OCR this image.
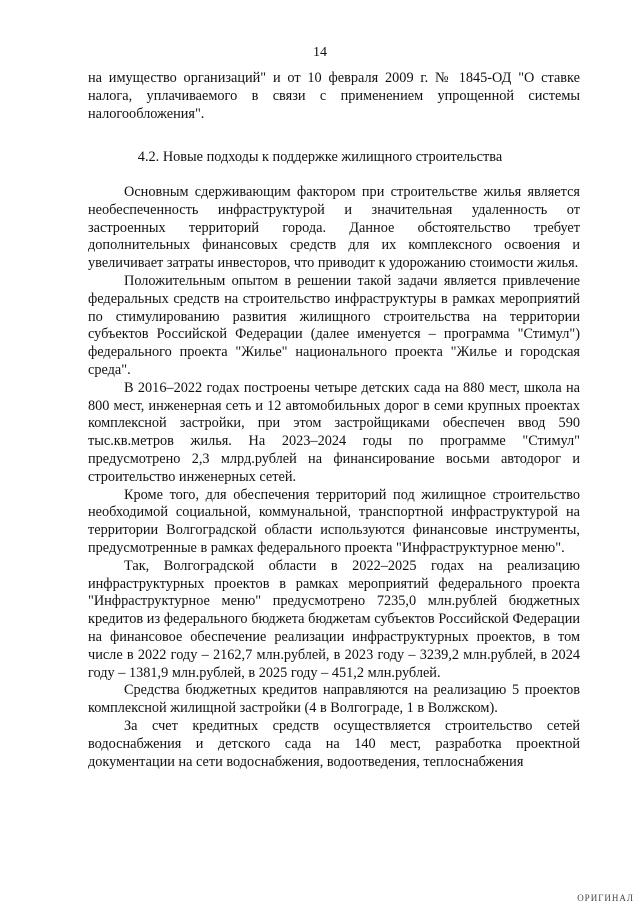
14

на имущество организаций" и от 10 февраля 2009 г. № 1845-ОД "О ставке налога, уплачиваемого в связи с применением упрощенной системы налогообложения".

4.2. Новые подходы к поддержке жилищного строительства

Основным сдерживающим фактором при строительстве жилья является необеспеченность инфраструктурой и значительная удаленность от застроенных территорий города. Данное обстоятельство требует дополнительных финансовых средств для их комплексного освоения и увеличивает затраты инвесторов, что приводит к удорожанию стоимости жилья.

Положительным опытом в решении такой задачи является привлечение федеральных средств на строительство инфраструктуры в рамках мероприятий по стимулированию развития жилищного строительства на территории субъектов Российской Федерации (далее именуется – программа "Стимул") федерального проекта "Жилье" национального проекта "Жилье и городская среда".

В 2016–2022 годах построены четыре детских сада на 880 мест, школа на 800 мест, инженерная сеть и 12 автомобильных дорог в семи крупных проектах комплексной застройки, при этом застройщиками обеспечен ввод 590 тыс.кв.метров жилья. На 2023–2024 годы по программе "Стимул" предусмотрено 2,3 млрд.рублей на финансирование восьми автодорог и строительство инженерных сетей.

Кроме того, для обеспечения территорий под жилищное строительство необходимой социальной, коммунальной, транспортной инфраструктурой на территории Волгоградской области используются финансовые инструменты, предусмотренные в рамках федерального проекта "Инфраструктурное меню".

Так, Волгоградской области в 2022–2025 годах на реализацию инфраструктурных проектов в рамках мероприятий федерального проекта "Инфраструктурное меню" предусмотрено 7235,0 млн.рублей бюджетных кредитов из федерального бюджета бюджетам субъектов Российской Федерации на финансовое обеспечение реализации инфраструктурных проектов, в том числе в 2022 году – 2162,7 млн.рублей, в 2023 году – 3239,2 млн.рублей, в 2024 году – 1381,9 млн.рублей, в 2025 году – 451,2 млн.рублей.

Средства бюджетных кредитов направляются на реализацию 5 проектов комплексной жилищной застройки (4 в Волгограде, 1 в Волжском).

За счет кредитных средств осуществляется строительство сетей водоснабжения и детского сада на 140 мест, разработка проектной документации на сети водоснабжения, водоотведения, теплоснабжения

ОРИГИНАЛ
